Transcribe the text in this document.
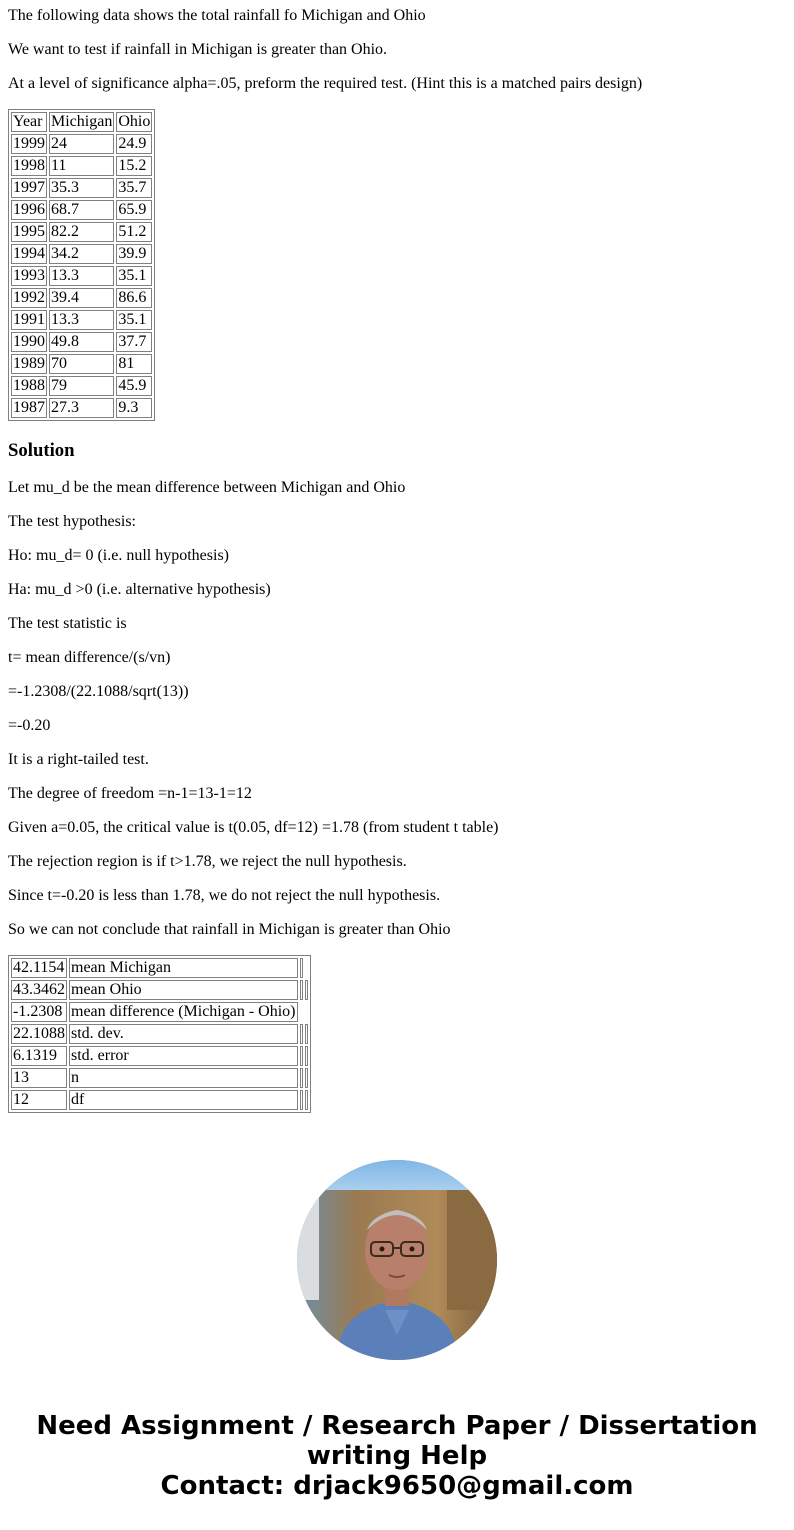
The following data shows the total rainfall fo Michigan and Ohio

We want to test if rainfall in Michigan is greater than Ohio.

At a level of significance alpha=.05, preform the required test. (Hint this is a matched pairs design)

Year	Michigan	Ohio
1999	24	24.9
1998	11	15.2
1997	35.3	35.7
1996	68.7	65.9
1995	82.2	51.2
1994	34.2	39.9
1993	13.3	35.1
1992	39.4	86.6
1991	13.3	35.1
1990	49.8	37.7
1989	70	81
1988	79	45.9
1987	27.3	9.3
Solution

Let mu_d be the mean difference between Michigan and Ohio

The test hypothesis:

Ho: mu_d= 0 (i.e. null hypothesis)

Ha: mu_d >0 (i.e. alternative hypothesis)

The test statistic is

t= mean difference/(s/vn)

=-1.2308/(22.1088/sqrt(13))

=-0.20

It is a right-tailed test.

The degree of freedom =n-1=13-1=12

Given a=0.05, the critical value is t(0.05, df=12) =1.78 (from student t table)

The rejection region is if t>1.78, we reject the null hypothesis.

Since t=-0.20 is less than 1.78, we do not reject the null hypothesis.

So we can not conclude that rainfall in Michigan is greater than Ohio

42.1154	mean Michigan		
43.3462	mean Ohio		
-1.2308	mean difference (Michigan - Ohio)		
22.1088	std. dev.		
6.1319	std. error		
13	n		
12	df		
Need Assignment / Research Paper / Dissertation
writing Help
Contact: drjack9650@gmail.com
